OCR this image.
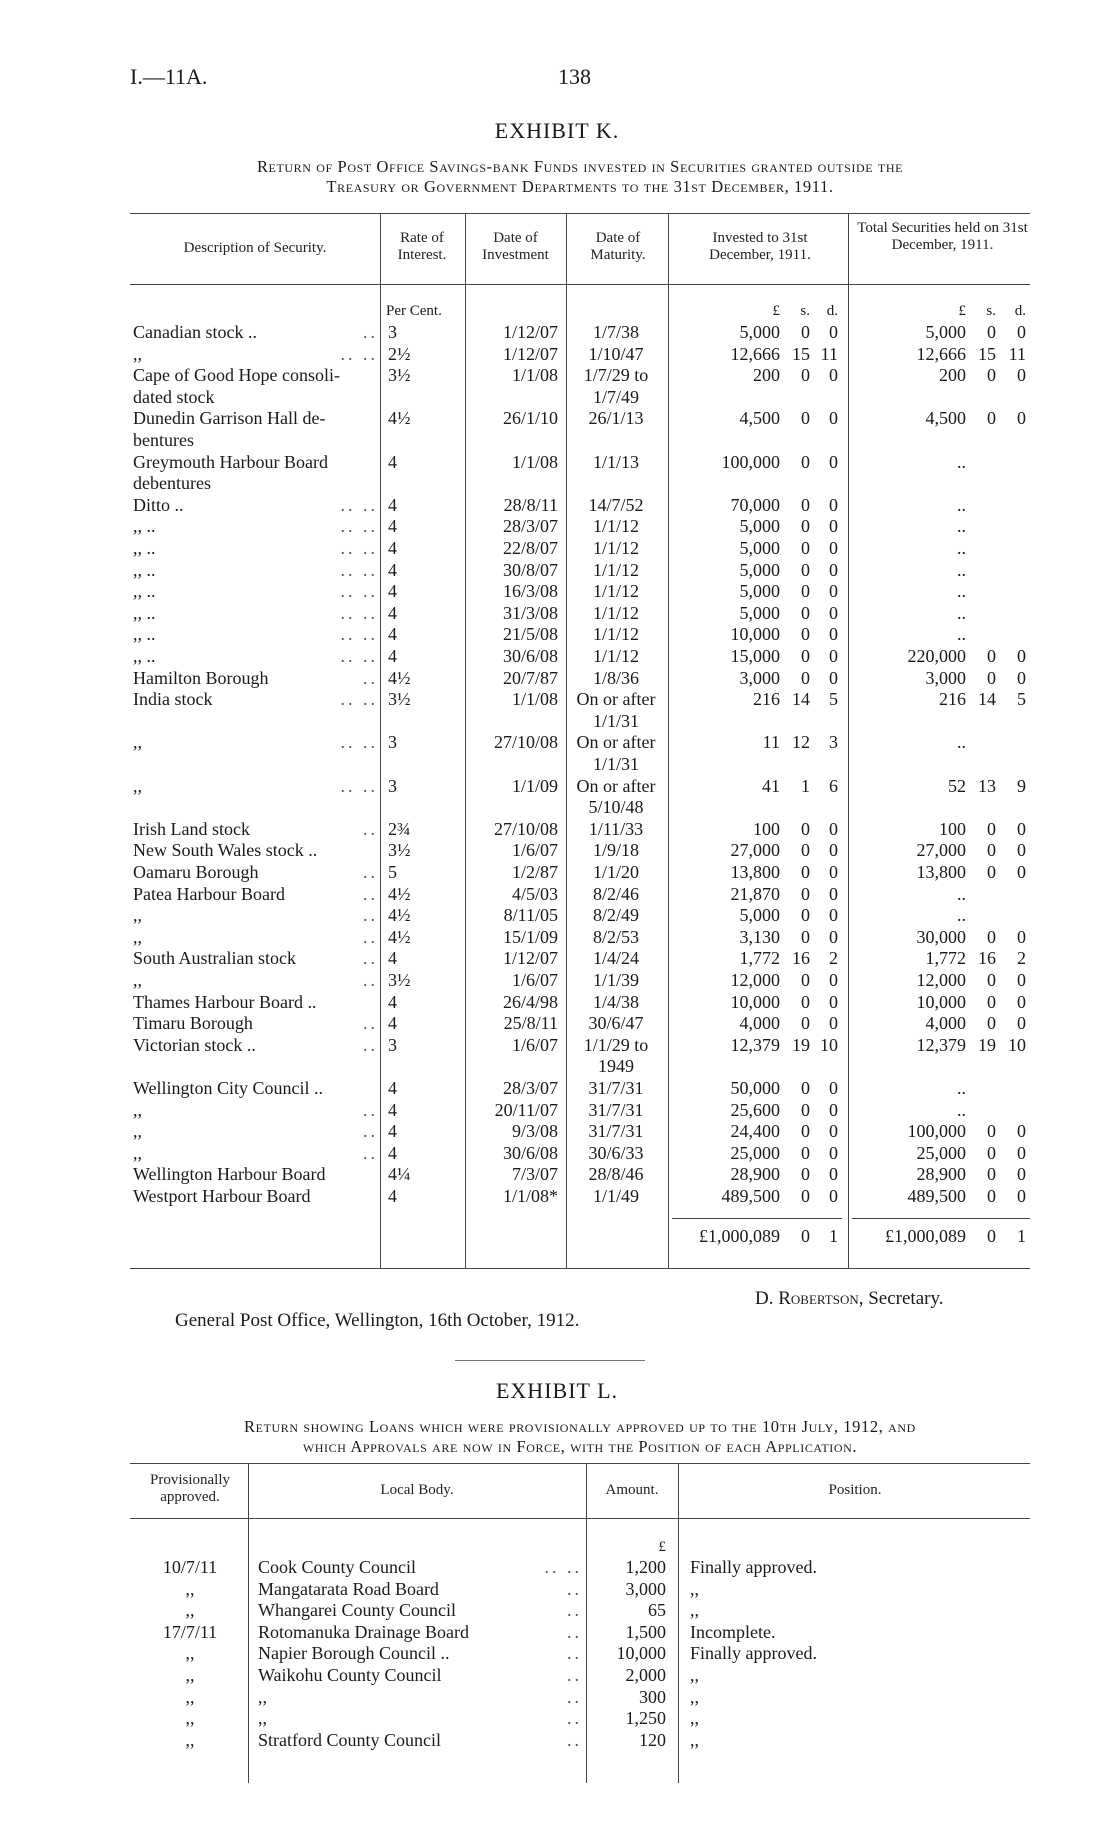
I.—11A.	138
EXHIBIT K.
Return of Post Office Savings-bank Funds invested in Securities granted outside the
Treasury or Government Departments to the 31st December, 1911.
Description of Security.
Rate of Interest.
Date of Investment
Date of Maturity.
Invested to 31st December, 1911.
Total Securities held on 31st December, 1911.
Per Cent.	£	s.	d.	£	s.	d.
Canadian stock ..	3	1/12/07	1/7/38	5,000	0	0	5,000	0	0
..
,,	2½	1/12/07	1/10/47	12,666 15 11	12,666 15 11
.. ..
Cape of Good Hope consoli-	3½	1/1/08	1/7/29 to	200	0	0	200	0	0
dated stock	1/7/49
Dunedin Garrison Hall de-	4½	26/1/10	26/1/13	4,500	0	0	4,500	0	0
bentures
Greymouth Harbour Board	4	1/1/08	1/1/13	100,000	0	0	..
debentures
Ditto ..	4	28/8/11	14/7/52	70,000	0	0	..
.. ..
,, ..	4	28/3/07	1/1/12	5,000	0	0	..
.. ..
,, ..	4	22/8/07	1/1/12	5,000	0	0	..
.. ..
,, ..	4	30/8/07	1/1/12	5,000	0	0	..
.. ..
,, ..	4	16/3/08	1/1/12	5,000	0	0	..
.. ..
,, ..	4	31/3/08	1/1/12	5,000	0	0	..
.. ..
,, ..	4	21/5/08	1/1/12	10,000	0	0	..
.. ..
,, ..	4	30/6/08	1/1/12	15,000	0	0	220,000	0	0
.. ..
Hamilton Borough	4½	20/7/87	1/8/36	3,000	0	0	3,000	0	0
..
India stock	3½	1/1/08	On or after	216 14	5	216 14	5
.. ..
1/1/31
,,	3	27/10/08	On or after	11 12	3	..
.. ..
1/1/31
,,	3	1/1/09	On or after	41	1	6	52 13	9
.. ..
5/10/48
Irish Land stock	2¾	27/10/08	1/11/33	100	0	0	100	0	0
..
New South Wales stock ..	3½	1/6/07	1/9/18	27,000	0	0	27,000	0	0
Oamaru Borough	5	1/2/87	1/1/20	13,800	0	0	13,800	0	0
..
Patea Harbour Board	4½	4/5/03	8/2/46	21,870	0	0	..
..
,,	4½	8/11/05	8/2/49	5,000	0	0	..
..
,,	4½	15/1/09	8/2/53	3,130	0	0	30,000	0	0
..
South Australian stock	4	1/12/07	1/4/24	1,772 16	2	1,772 16	2
..
,,	3½	1/6/07	1/1/39	12,000	0	0	12,000	0	0
..
Thames Harbour Board ..	4	26/4/98	1/4/38	10,000	0	0	10,000	0	0
Timaru Borough	4	25/8/11	30/6/47	4,000	0	0	4,000	0	0
..
Victorian stock ..	3	1/6/07	1/1/29 to	12,379 19 10	12,379 19 10
..
1949
Wellington City Council ..	4	28/3/07	31/7/31	50,000	0	0	..
,,	4	20/11/07	31/7/31	25,600	0	0	..
..
,,	4	9/3/08	31/7/31	24,400	0	0	100,000	0	0
..
,,	4	30/6/08	30/6/33	25,000	0	0	25,000	0	0
..
Wellington Harbour Board	4¼	7/3/07	28/8/46	28,900	0	0	28,900	0	0
Westport Harbour Board	4	1/1/08*	1/1/49	489,500	0	0	489,500	0	0
£1,000,089	0	1	£1,000,089	0	1
D. Robertson, Secretary.
General Post Office, Wellington, 16th October, 1912.
EXHIBIT L.
Return showing Loans which were provisionally approved up to the 10th July, 1912, and
which Approvals are now in Force, with the Position of each Application.
Provisionally approved.	Local Body.	Amount.	Position.
£
10/7/11	Cook County Council	1,200 Finally approved.
.. ..
,,	Mangatarata Road Board	3,000 ,,
..
,,	Whangarei County Council	65 ,,
..
17/7/11	Rotomanuka Drainage Board	1,500 Incomplete.
..
,,	Napier Borough Council ..	10,000 Finally approved.
..
,,	Waikohu County Council	2,000 ,,
..
,,	,,	300 ,,
..
,,	,,	1,250 ,,
..
,,	Stratford County Council	120 ,,
..
